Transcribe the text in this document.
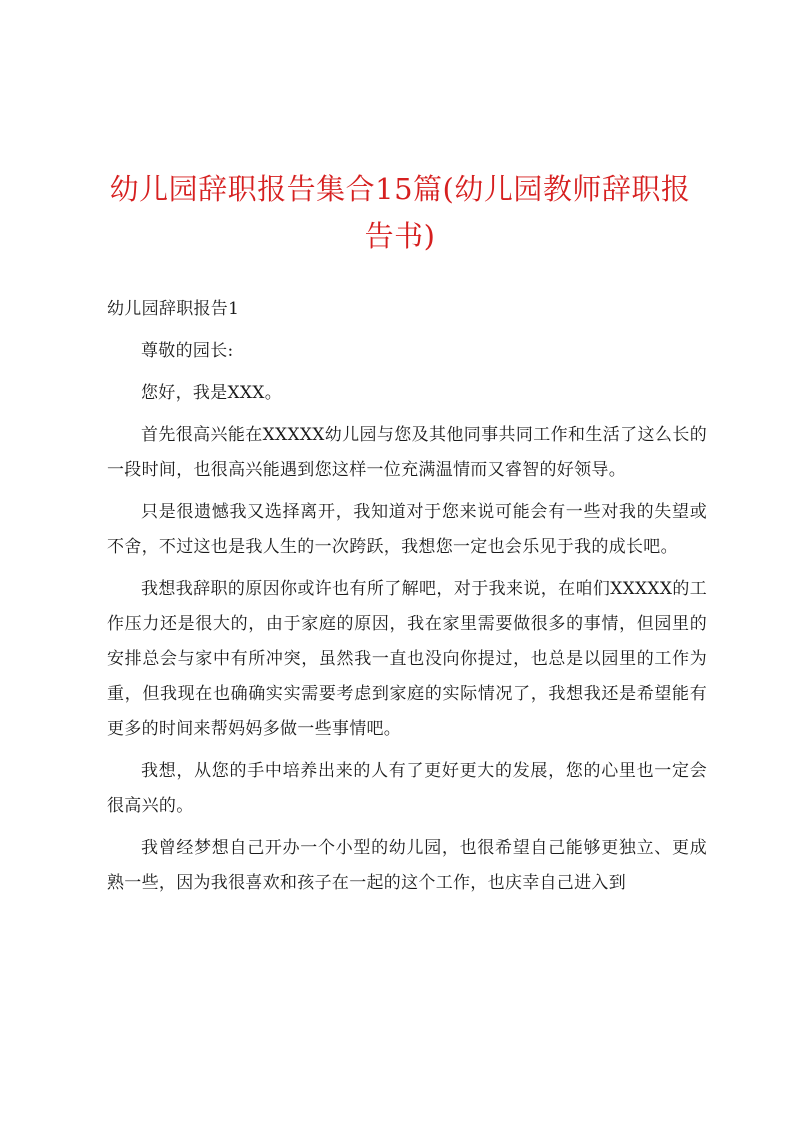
幼儿园辞职报告集合15篇(幼儿园教师辞职报告书)

幼儿园辞职报告1

尊敬的园长:

您好，我是XXX。

首先很高兴能在XXXXX幼儿园与您及其他同事共同工作和生活了这么长的一段时间，也很高兴能遇到您这样一位充满温情而又睿智的好领导。

只是很遗憾我又选择离开，我知道对于您来说可能会有一些对我的失望或不舍，不过这也是我人生的一次跨跃，我想您一定也会乐见于我的成长吧。

我想我辞职的原因你或许也有所了解吧，对于我来说，在咱们XXXXX的工作压力还是很大的，由于家庭的原因，我在家里需要做很多的事情，但园里的安排总会与家中有所冲突，虽然我一直也没向你提过，也总是以园里的工作为重，但我现在也确确实实需要考虑到家庭的实际情况了，我想我还是希望能有更多的时间来帮妈妈多做一些事情吧。

我想，从您的手中培养出来的人有了更好更大的发展，您的心里也一定会很高兴的。

我曾经梦想自己开办一个小型的幼儿园，也很希望自己能够更独立、更成熟一些，因为我很喜欢和孩子在一起的这个工作，也庆幸自己进入到
